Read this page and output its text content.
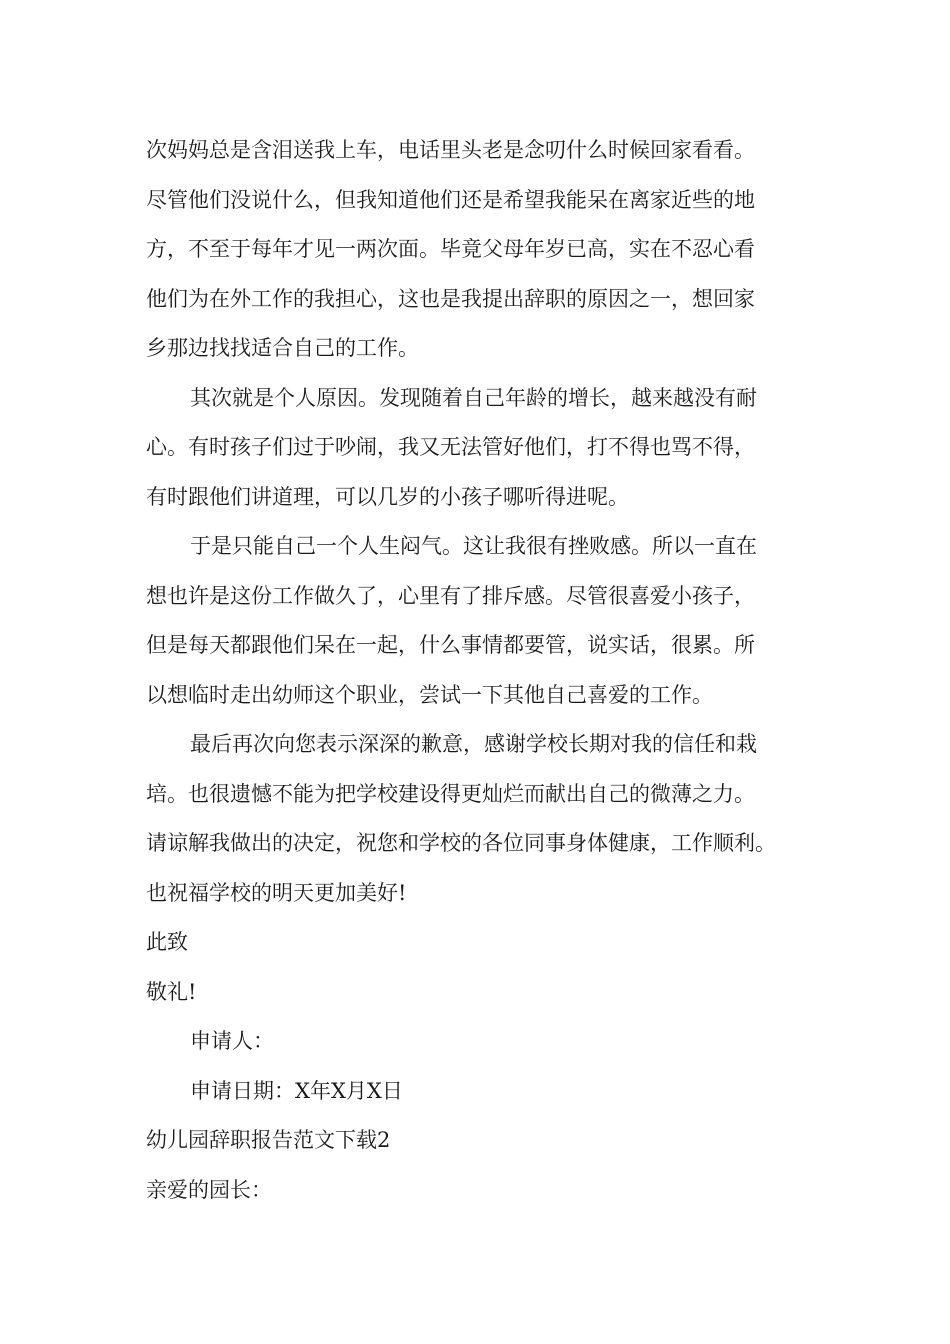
次妈妈总是含泪送我上车，电话里头老是念叨什么时候回家看看。
尽管他们没说什么，但我知道他们还是希望我能呆在离家近些的地
方，不至于每年才见一两次面。毕竟父母年岁已高，实在不忍心看
他们为在外工作的我担心，这也是我提出辞职的原因之一，想回家
乡那边找找适合自己的工作。
其次就是个人原因。发现随着自己年龄的增长，越来越没有耐
心。有时孩子们过于吵闹，我又无法管好他们，打不得也骂不得，
有时跟他们讲道理，可以几岁的小孩子哪听得进呢。
于是只能自己一个人生闷气。这让我很有挫败感。所以一直在
想也许是这份工作做久了，心里有了排斥感。尽管很喜爱小孩子，
但是每天都跟他们呆在一起，什么事情都要管，说实话，很累。所
以想临时走出幼师这个职业，尝试一下其他自己喜爱的工作。
最后再次向您表示深深的歉意，感谢学校长期对我的信任和栽
培。也很遗憾不能为把学校建设得更灿烂而献出自己的微薄之力。
请谅解我做出的决定，祝您和学校的各位同事身体健康，工作顺利。
也祝福学校的明天更加美好!
此致
敬礼!
申请人：
申请日期：X年X月X日
幼儿园辞职报告范文下载2
亲爱的园长：
